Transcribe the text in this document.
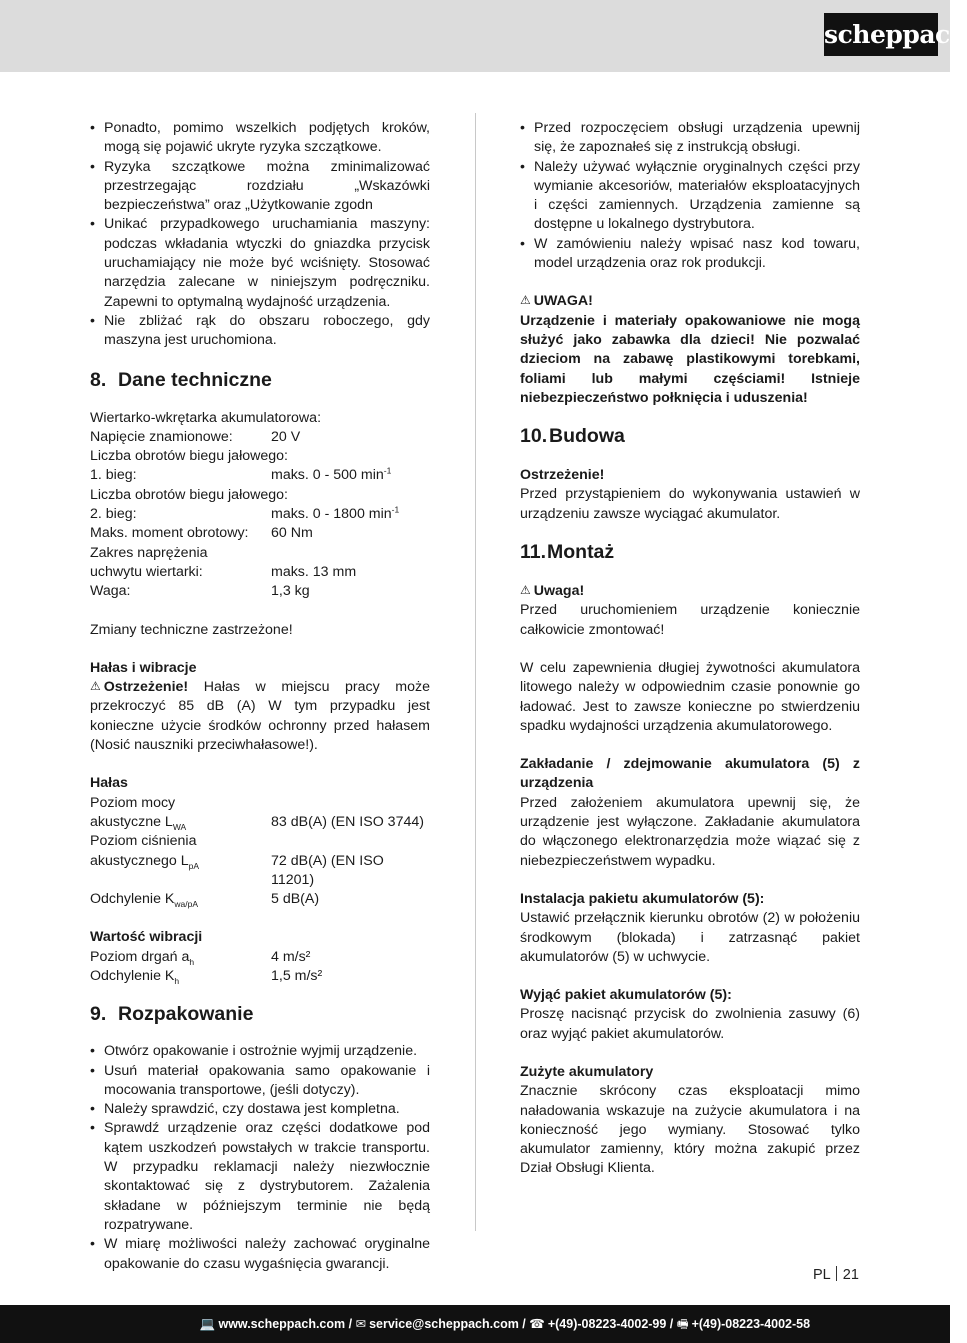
scheppach
• Ponadto, pomimo wszelkich podjętych kroków, mogą się pojawić ukryte ryzyka szczątkowe.
• Ryzyka szczątkowe można zminimalizować przestrzegając rozdziału „Wskazówki bezpieczeństwa” oraz „Użytkowanie zgodn
• Unikać przypadkowego uruchamiania maszyny: podczas wkładania wtyczki do gniazdka przycisk uruchamiający nie może być wciśnięty. Stosować narzędzia zalecane w niniejszym podręczniku. Zapewni to optymalną wydajność urządzenia.
• Nie zbliżać rąk do obszaru roboczego, gdy maszyna jest uruchomiona.
8. Dane techniczne
Wiertarko-wkrętarka akumulatorowa:
Napięcie znamionowe:	20 V
Liczba obrotów biegu jałowego:
1. bieg:	maks. 0 - 500 $\min^{-1}$
Liczba obrotów biegu jałowego:
2. bieg:	maks. 0 - 1800 $\min^{-1}$
Maks. moment obrotowy:	60 Nm
Zakres naprężenia
uchwytu wiertarki:	maks. 13 mm
Waga:	1,3 kg
Zmiany techniczne zastrzeżone!
Hałas i wibracje

⚠ Ostrzeżenie! Hałas w miejscu pracy może przekroczyć 85 dB (A) W tym przypadku jest konieczne użycie środków ochronny przed hałasem (Nosić nauszniki przeciwhałasowe!).

Hałas
Poziom mocy
akustyczne $L_{WA}$	83 dB(A) (EN ISO 3744)
Poziom ciśnienia
akustycznego $L_{pA}$	72 dB(A) (EN ISO 11201)
Odchylenie $K_{wa/pA}$	5 dB(A)
Wartość wibracji
Poziom drgań $a_h$	4 m/s²
Odchylenie $K_h$	1,5 m/s²
9. Rozpakowanie
• Otwórz opakowanie i ostrożnie wyjmij urządzenie.
• Usuń materiał opakowania samo opakowanie i mocowania transportowe, (jeśli dotyczy).
• Należy sprawdzić, czy dostawa jest kompletna.
• Sprawdź urządzenie oraz części dodatkowe pod kątem uszkodzeń powstałych w trakcie transportu. W przypadku reklamacji należy niezwłocznie skontaktować się z dystrybutorem. Zażalenia składane w późniejszym terminie nie będą rozpatrywane.
• W miarę możliwości należy zachować oryginalne opakowanie do czasu wygaśnięcia gwarancji.
• Przed rozpoczęciem obsługi urządzenia upewnij się, że zapoznałeś się z instrukcją obsługi.
• Należy używać wyłącznie oryginalnych części przy wymianie akcesoriów, materiałów eksploatacyjnych i części zamiennych. Urządzenia zamienne są dostępne u lokalnego dystrybutora.
• W zamówieniu należy wpisać nasz kod towaru, model urządzenia oraz rok produkcji.
⚠ UWAGA!

Urządzenie i materiały opakowaniowe nie mogą służyć jako zabawka dla dzieci! Nie pozwalać dzieciom na zabawę plastikowymi torebkami, foliami lub małymi częściami! Istnieje niebezpieczeństwo połknięcia i uduszenia!

10. Budowa
Ostrzeżenie!

Przed przystąpieniem do wykonywania ustawień w urządzeniu zawsze wyciągać akumulator.

11. Montaż
⚠ Uwaga!

Przed uruchomieniem urządzenie koniecznie całkowicie zmontować!

W celu zapewnienia długiej żywotności akumulatora litowego należy w odpowiednim czasie ponownie go ładować. Jest to zawsze konieczne po stwierdzeniu spadku wydajności urządzenia akumulatorowego.

Zakładanie / zdejmowanie akumulatora (5) z urządzenia

Przed założeniem akumulatora upewnij się, że urządzenie jest wyłączone. Zakładanie akumulatora do włączonego elektronarzędzia może wiązać się z niebezpieczeństwem wypadku.

Instalacja pakietu akumulatorów (5):

Ustawić przełącznik kierunku obrotów (2) w położeniu środkowym (blokada) i zatrzasnąć pakiet akumulatorów (5) w uchwycie.

Wyjąć pakiet akumulatorów (5):

Proszę nacisnąć przycisk do zwolnienia zasuwy (6) oraz wyjąć pakiet akumulatorów.

Zużyte akumulatory

Znacznie skrócony czas eksploatacji mimo naładowania wskazuje na zużycie akumulatora i na konieczność jego wymiany. Stosować tylko akumulator zamienny, który można zakupić przez Dział Obsługi Klienta.

PL 21
💻 www.scheppach.com / ✉ service@scheppach.com / ☎ +(49)-08223-4002-99 / 🖷 +(49)-08223-4002-58
